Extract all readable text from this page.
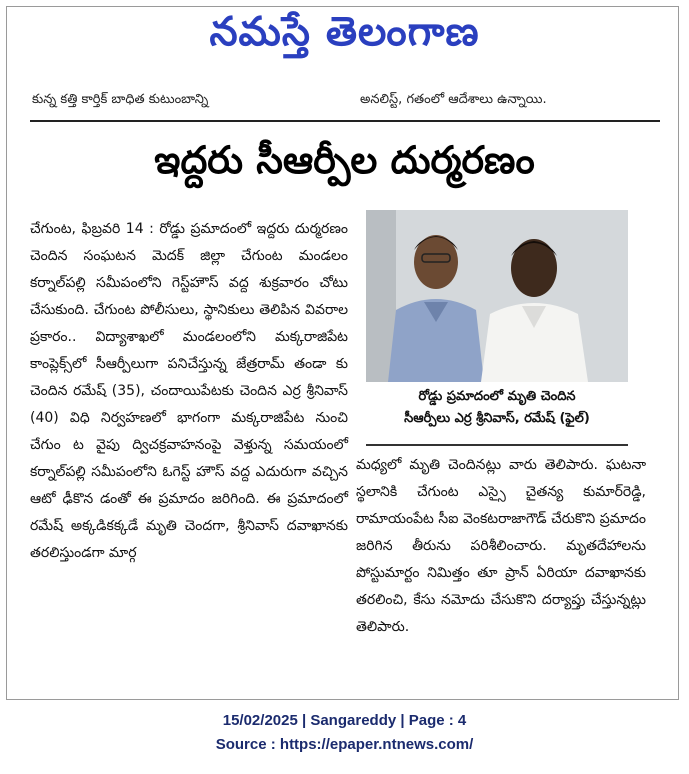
నమస్తే తెలంగాణ
కున్న కత్తి కార్తిక్ బాధిత కుటుంబాన్ని	అనలిస్ట్, గతంలో ఆదేశాలు ఉన్నాయి.
ఇద్దరు సీఆర్పీల దుర్మరణం

చేగుంట, ఫిబ్రవరి 14 : రోడ్డు ప్రమాదంలో ఇద్దరు దుర్మరణం చెందిన సంఘటన మెదక్ జిల్లా చేగుంట మండలం కర్నాల్‌పల్లి సమీపంలోని గెస్ట్‌హౌస్ వద్ద శుక్రవారం చోటు చేసుకుంది. చేగుంట పోలీసులు, స్థానికులు తెలిపిన వివరాల ప్రకారం.. విద్యాశాఖలో మండలంలోని మక్కరాజిపేట కాంప్లెక్స్‌లో సీఆర్పీలుగా పనిచేస్తున్న జేత్రరామ్ తండా కు చెందిన రమేష్ (35), చందాయిపేటకు చెందిన ఎర్ర శ్రీనివాస్ (40) విధి నిర్వహణలో భాగంగా మక్కరాజిపేట నుంచి చేగుం ట వైపు ద్విచక్రవాహనంపై వెళ్తున్న సమయంలో కర్నాల్‌పల్లి సమీపంలోని ఓగెస్ట్ హౌస్ వద్ద ఎదురుగా వచ్చిన ఆటో ఢీకొన డంతో ఈ ప్రమాదం జరిగింది. ఈ ప్రమాదంలో రమేష్ అక్కడికక్కడే మృతి చెందగా, శ్రీనివాస్ దవాఖానకు తరలిస్తుండగా మార్గ

రోడ్డు ప్రమాదంలో మృతి చెందిన
సీఆర్పీలు ఎర్ర శ్రీనివాస్, రమేష్ (ఫైల్)

మధ్యలో మృతి చెందినట్లు వారు తెలిపారు. ఘటనా స్థలానికి చేగుంట ఎస్సై చైతన్య కుమార్‌రెడ్డి, రామాయంపేట సీఐ వెంకటరాజాగౌడ్ చేరుకొని ప్రమాదం జరిగిన తీరును పరిశీలించారు. మృతదేహాలను పోస్టుమార్టం నిమిత్తం తూ ప్రాన్ ఏరియా దవాఖానకు తరలించి, కేసు నమోదు చేసుకొని దర్యాప్తు చేస్తున్నట్లు తెలిపారు.

15/02/2025 | Sangareddy | Page : 4
Source : https://epaper.ntnews.com/
